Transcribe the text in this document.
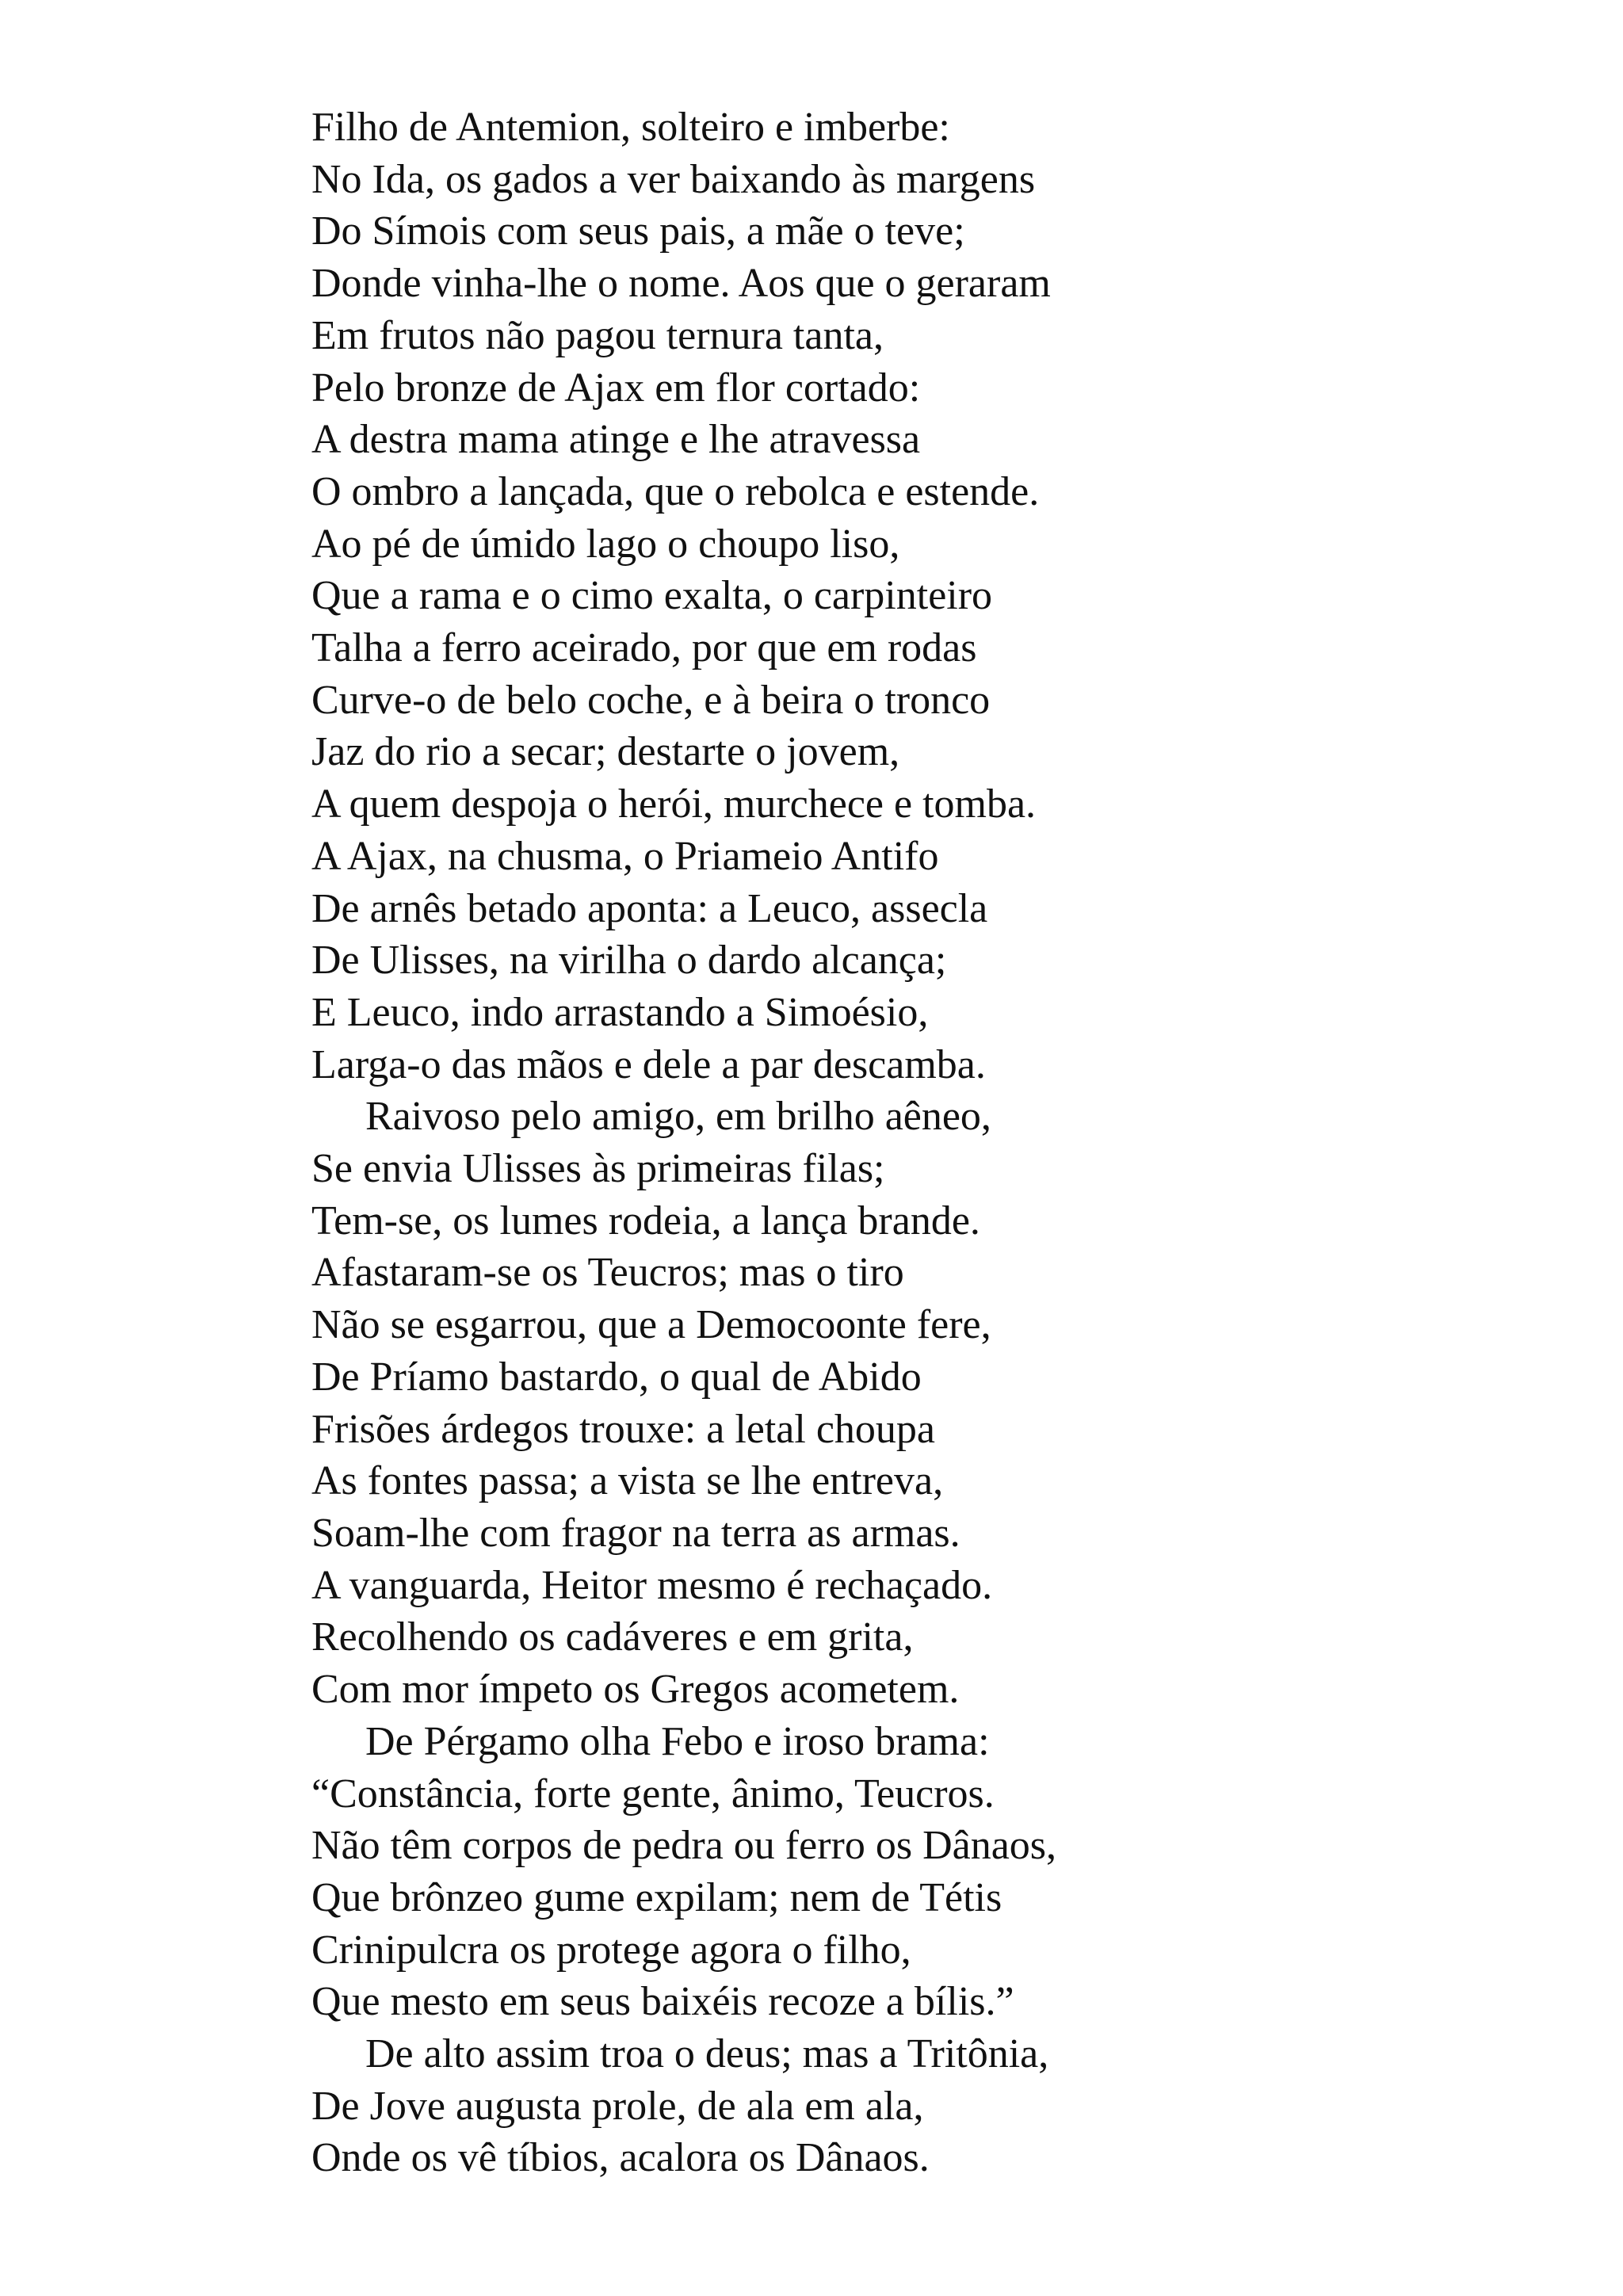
Filho de Antemion, solteiro e imberbe:
No Ida, os gados a ver baixando às margens
Do Símois com seus pais, a mãe o teve;
Donde vinha-lhe o nome. Aos que o geraram
Em frutos não pagou ternura tanta,
Pelo bronze de Ajax em flor cortado:
A destra mama atinge e lhe atravessa
O ombro a lançada, que o rebolca e estende.
Ao pé de úmido lago o choupo liso,
Que a rama e o cimo exalta, o carpinteiro
Talha a ferro aceirado, por que em rodas
Curve-o de belo coche, e à beira o tronco
Jaz do rio a secar; destarte o jovem,
A quem despoja o herói, murchece e tomba.
A Ajax, na chusma, o Priameio Antifo
De arnês betado aponta: a Leuco, assecla
De Ulisses, na virilha o dardo alcança;
E Leuco, indo arrastando a Simoésio,
Larga-o das mãos e dele a par descamba.
Raivoso pelo amigo, em brilho aêneo,
Se envia Ulisses às primeiras filas;
Tem-se, os lumes rodeia, a lança brande.
Afastaram-se os Teucros; mas o tiro
Não se esgarrou, que a Democoonte fere,
De Príamo bastardo, o qual de Abido
Frisões árdegos trouxe: a letal choupa
As fontes passa; a vista se lhe entreva,
Soam-lhe com fragor na terra as armas.
A vanguarda, Heitor mesmo é rechaçado.
Recolhendo os cadáveres e em grita,
Com mor ímpeto os Gregos acometem.
De Pérgamo olha Febo e iroso brama:
“Constância, forte gente, ânimo, Teucros.
Não têm corpos de pedra ou ferro os Dânaos,
Que brônzeo gume expilam; nem de Tétis
Crinipulcra os protege agora o filho,
Que mesto em seus baixéis recoze a bílis.”
De alto assim troa o deus; mas a Tritônia,
De Jove augusta prole, de ala em ala,
Onde os vê tíbios, acalora os Dânaos.
